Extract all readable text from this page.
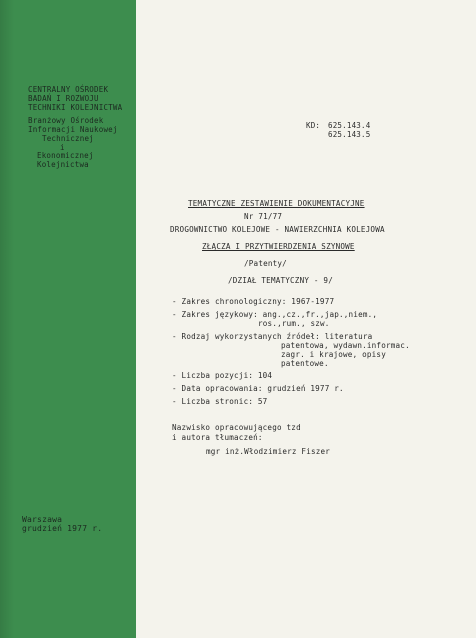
CENTRALNY OŚRODEK
BADAŃ I ROZWOJU
TECHNIKI KOLEJNICTWA
Branżowy Ośrodek
Informacji Naukowej
Technicznej
i
Ekonomicznej
Kolejnictwa
Warszawa
grudzień 1977 r.
KD: 625.143.4
625.143.5
TEMATYCZNE ZESTAWIENIE DOKUMENTACYJNE
Nr 71/77
DROGOWNICTWO KOLEJOWE - NAWIERZCHNIA KOLEJOWA
ZŁĄCZA I PRZYTWIERDZENIA SZYNOWE
/Patenty/
/DZIAŁ TEMATYCZNY - 9/
- Zakres chronologiczny: 1967-1977
- Zakres językowy: ang.,cz.,fr.,jap.,niem.,
ros.,rum., szw.
- Rodzaj wykorzystanych źródeł: literatura
patentowa, wydawn.informac.
zagr. i krajowe, opisy
patentowe.
- Liczba pozycji: 104
- Data opracowania: grudzień 1977 r.
- Liczba stronic: 57
Nazwisko opracowującego tzd
i autora tłumaczeń:
mgr inż.Włodzimierz Fiszer
